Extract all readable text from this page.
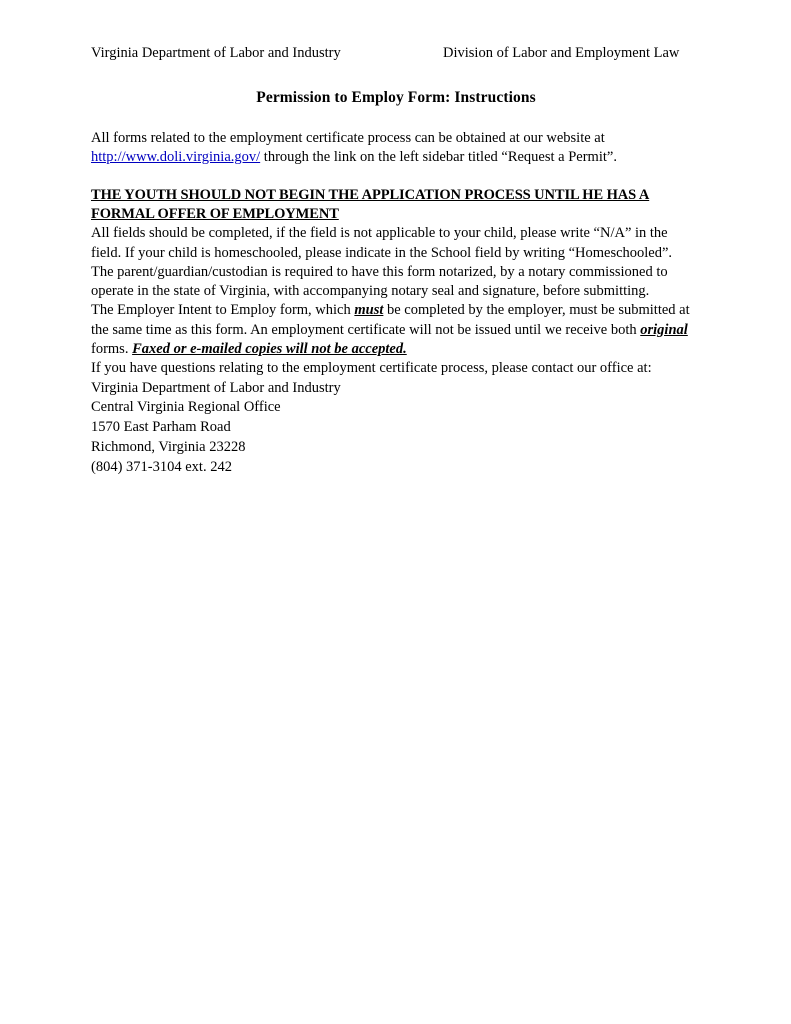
Virginia Department of Labor and Industry	Division of Labor and Employment Law
Permission to Employ Form: Instructions

All forms related to the employment certificate process can be obtained at our website at http://www.doli.virginia.gov/ through the link on the left sidebar titled “Request a Permit”.

THE YOUTH SHOULD NOT BEGIN THE APPLICATION PROCESS UNTIL HE HAS A FORMAL OFFER OF EMPLOYMENT

All fields should be completed, if the field is not applicable to your child, please write “N/A” in the field. If your child is homeschooled, please indicate in the School field by writing “Homeschooled”.

The parent/guardian/custodian is required to have this form notarized, by a notary commissioned to operate in the state of Virginia, with accompanying notary seal and signature, before submitting.

The Employer Intent to Employ form, which must be completed by the employer, must be submitted at the same time as this form. An employment certificate will not be issued until we receive both original forms. Faxed or e-mailed copies will not be accepted.

If you have questions relating to the employment certificate process, please contact our office at:

Virginia Department of Labor and Industry
Central Virginia Regional Office
1570 East Parham Road
Richmond, Virginia 23228
(804) 371-3104 ext. 242
